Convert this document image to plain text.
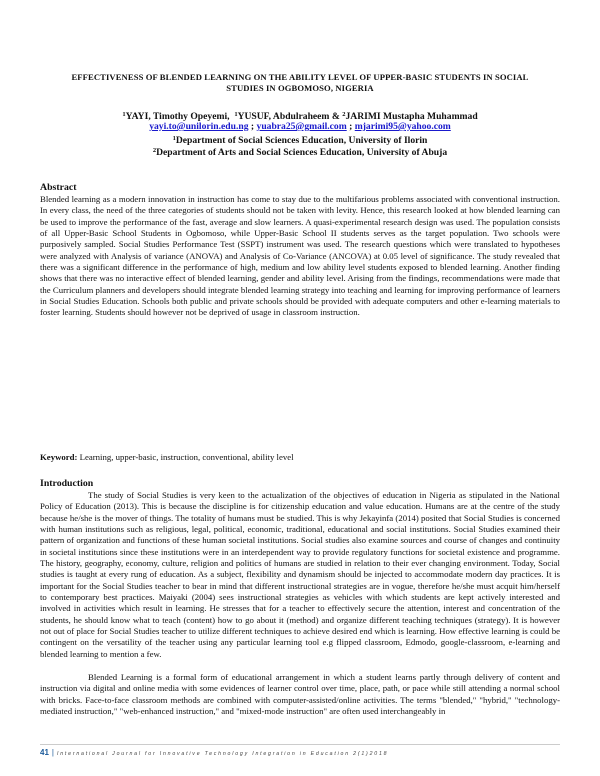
EFFECTIVENESS OF BLENDED LEARNING ON THE ABILITY LEVEL OF UPPER-BASIC STUDENTS IN SOCIAL STUDIES IN OGBOMOSO, NIGERIA
$^1$YAYI, Timothy Opeyemi, $^1$YUSUF, Abdulraheem & $^2$JARIMI Mustapha Muhammad
yayi.to@unilorin.edu.ng ; yuabra25@gmail.com ; mjarimi95@yahoo.com
$^1$Department of Social Sciences Education, University of Ilorin
$^2$Department of Arts and Social Sciences Education, University of Abuja
Abstract
Blended learning as a modern innovation in instruction has come to stay due to the multifarious problems associated with conventional instruction. In every class, the need of the three categories of students should not be taken with levity. Hence, this research looked at how blended learning can be used to improve the performance of the fast, average and slow learners. A quasi-experimental research design was used. The population consists of all Upper-Basic School Students in Ogbomoso, while Upper-Basic School II students serves as the target population. Two schools were purposively sampled. Social Studies Performance Test (SSPT) instrument was used. The research questions which were translated to hypotheses were analyzed with Analysis of variance (ANOVA) and Analysis of Co-Variance (ANCOVA) at 0.05 level of significance. The study revealed that there was a significant difference in the performance of high, medium and low ability level students exposed to blended learning. Another finding shows that there was no interactive effect of blended learning, gender and ability level. Arising from the findings, recommendations were made that the Curriculum planners and developers should integrate blended learning strategy into teaching and learning for improving performance of learners in Social Studies Education. Schools both public and private schools should be provided with adequate computers and other e-learning materials to foster learning. Students should however not be deprived of usage in classroom instruction.
Keyword: Learning, upper-basic, instruction, conventional, ability level
Introduction
The study of Social Studies is very keen to the actualization of the objectives of education in Nigeria as stipulated in the National Policy of Education (2013). This is because the discipline is for citizenship education and value education. Humans are at the centre of the study because he/she is the mover of things. The totality of humans must be studied. This is why Jekayinfa (2014) posited that Social Studies is concerned with human institutions such as religious, legal, political, economic, traditional, educational and social institutions. Social Studies examined their pattern of organization and functions of these human societal institutions. Social studies also examine sources and course of changes and continuity in societal institutions since these institutions were in an interdependent way to provide regulatory functions for societal existence and programme. The history, geography, economy, culture, religion and politics of humans are studied in relation to their ever changing environment. Today, Social studies is taught at every rung of education. As a subject, flexibility and dynamism should be injected to accommodate modern day practices. It is important for the Social Studies teacher to bear in mind that different instructional strategies are in vogue, therefore he/she must acquit him/herself to contemporary best practices. Maiyaki (2004) sees instructional strategies as vehicles with which students are kept actively interested and involved in activities which result in learning. He stresses that for a teacher to effectively secure the attention, interest and concentration of the students, he should know what to teach (content) how to go about it (method) and organize different teaching techniques (strategy). It is however not out of place for Social Studies teacher to utilize different techniques to achieve desired end which is learning. How effective learning is could be contingent on the versatility of the teacher using any particular learning tool e.g flipped classroom, Edmodo, google-classroom, e-learning and blended learning to mention a few.
Blended Learning is a formal form of educational arrangement in which a student learns partly through delivery of content and instruction via digital and online media with some evidences of learner control over time, place, path, or pace while still attending a normal school with bricks. Face-to-face classroom methods are combined with computer-assisted/online activities. The terms "blended," "hybrid," "technology-mediated instruction," "web-enhanced instruction," and "mixed-mode instruction" are often used interchangeably in
41 | International Journal for Innovative Technology Integration in Education 2(1)2018
